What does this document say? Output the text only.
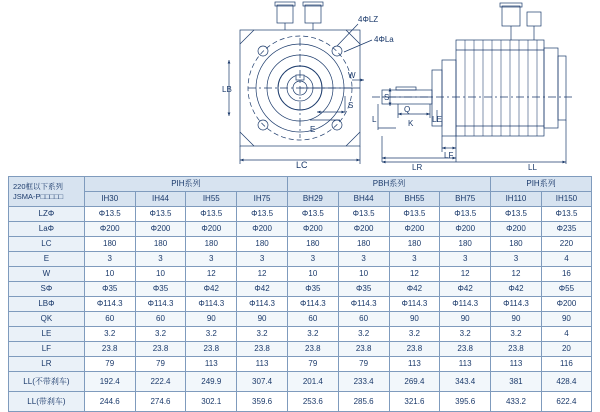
4ΦLZ
4ΦLa
W
E
S
LC
LB
S
Q
K
L	LE
LF
LR	LL
220框以下系列
JSMA-P□□□□□	PIH系列				PBH系列				PIH系列	
	IH30	IH44	IH55	IH75	BH29	BH44	BH55	BH75	IH110	IH150
LZΦ	Φ13.5	Φ13.5	Φ13.5	Φ13.5	Φ13.5	Φ13.5	Φ13.5	Φ13.5	Φ13.5	Φ13.5
LaΦ	Φ200	Φ200	Φ200	Φ200	Φ200	Φ200	Φ200	Φ200	Φ200	Φ235
LC	180	180	180	180	180	180	180	180	180	220
E	3	3	3	3	3	3	3	3	3	4
W	10	10	12	12	10	10	12	12	12	16
SΦ	Φ35	Φ35	Φ42	Φ42	Φ35	Φ35	Φ42	Φ42	Φ42	Φ55
LBΦ	Φ114.3	Φ114.3	Φ114.3	Φ114.3	Φ114.3	Φ114.3	Φ114.3	Φ114.3	Φ114.3	Φ200
QK	60	60	90	90	60	60	90	90	90	90
LE	3.2	3.2	3.2	3.2	3.2	3.2	3.2	3.2	3.2	4
LF	23.8	23.8	23.8	23.8	23.8	23.8	23.8	23.8	23.8	20
LR	79	79	113	113	79	79	113	113	113	116
LL(不带刹车)	192.4	222.4	249.9	307.4	201.4	233.4	269.4	343.4	381	428.4
LL(带刹车)	244.6	274.6	302.1	359.6	253.6	285.6	321.6	395.6	433.2	622.4
